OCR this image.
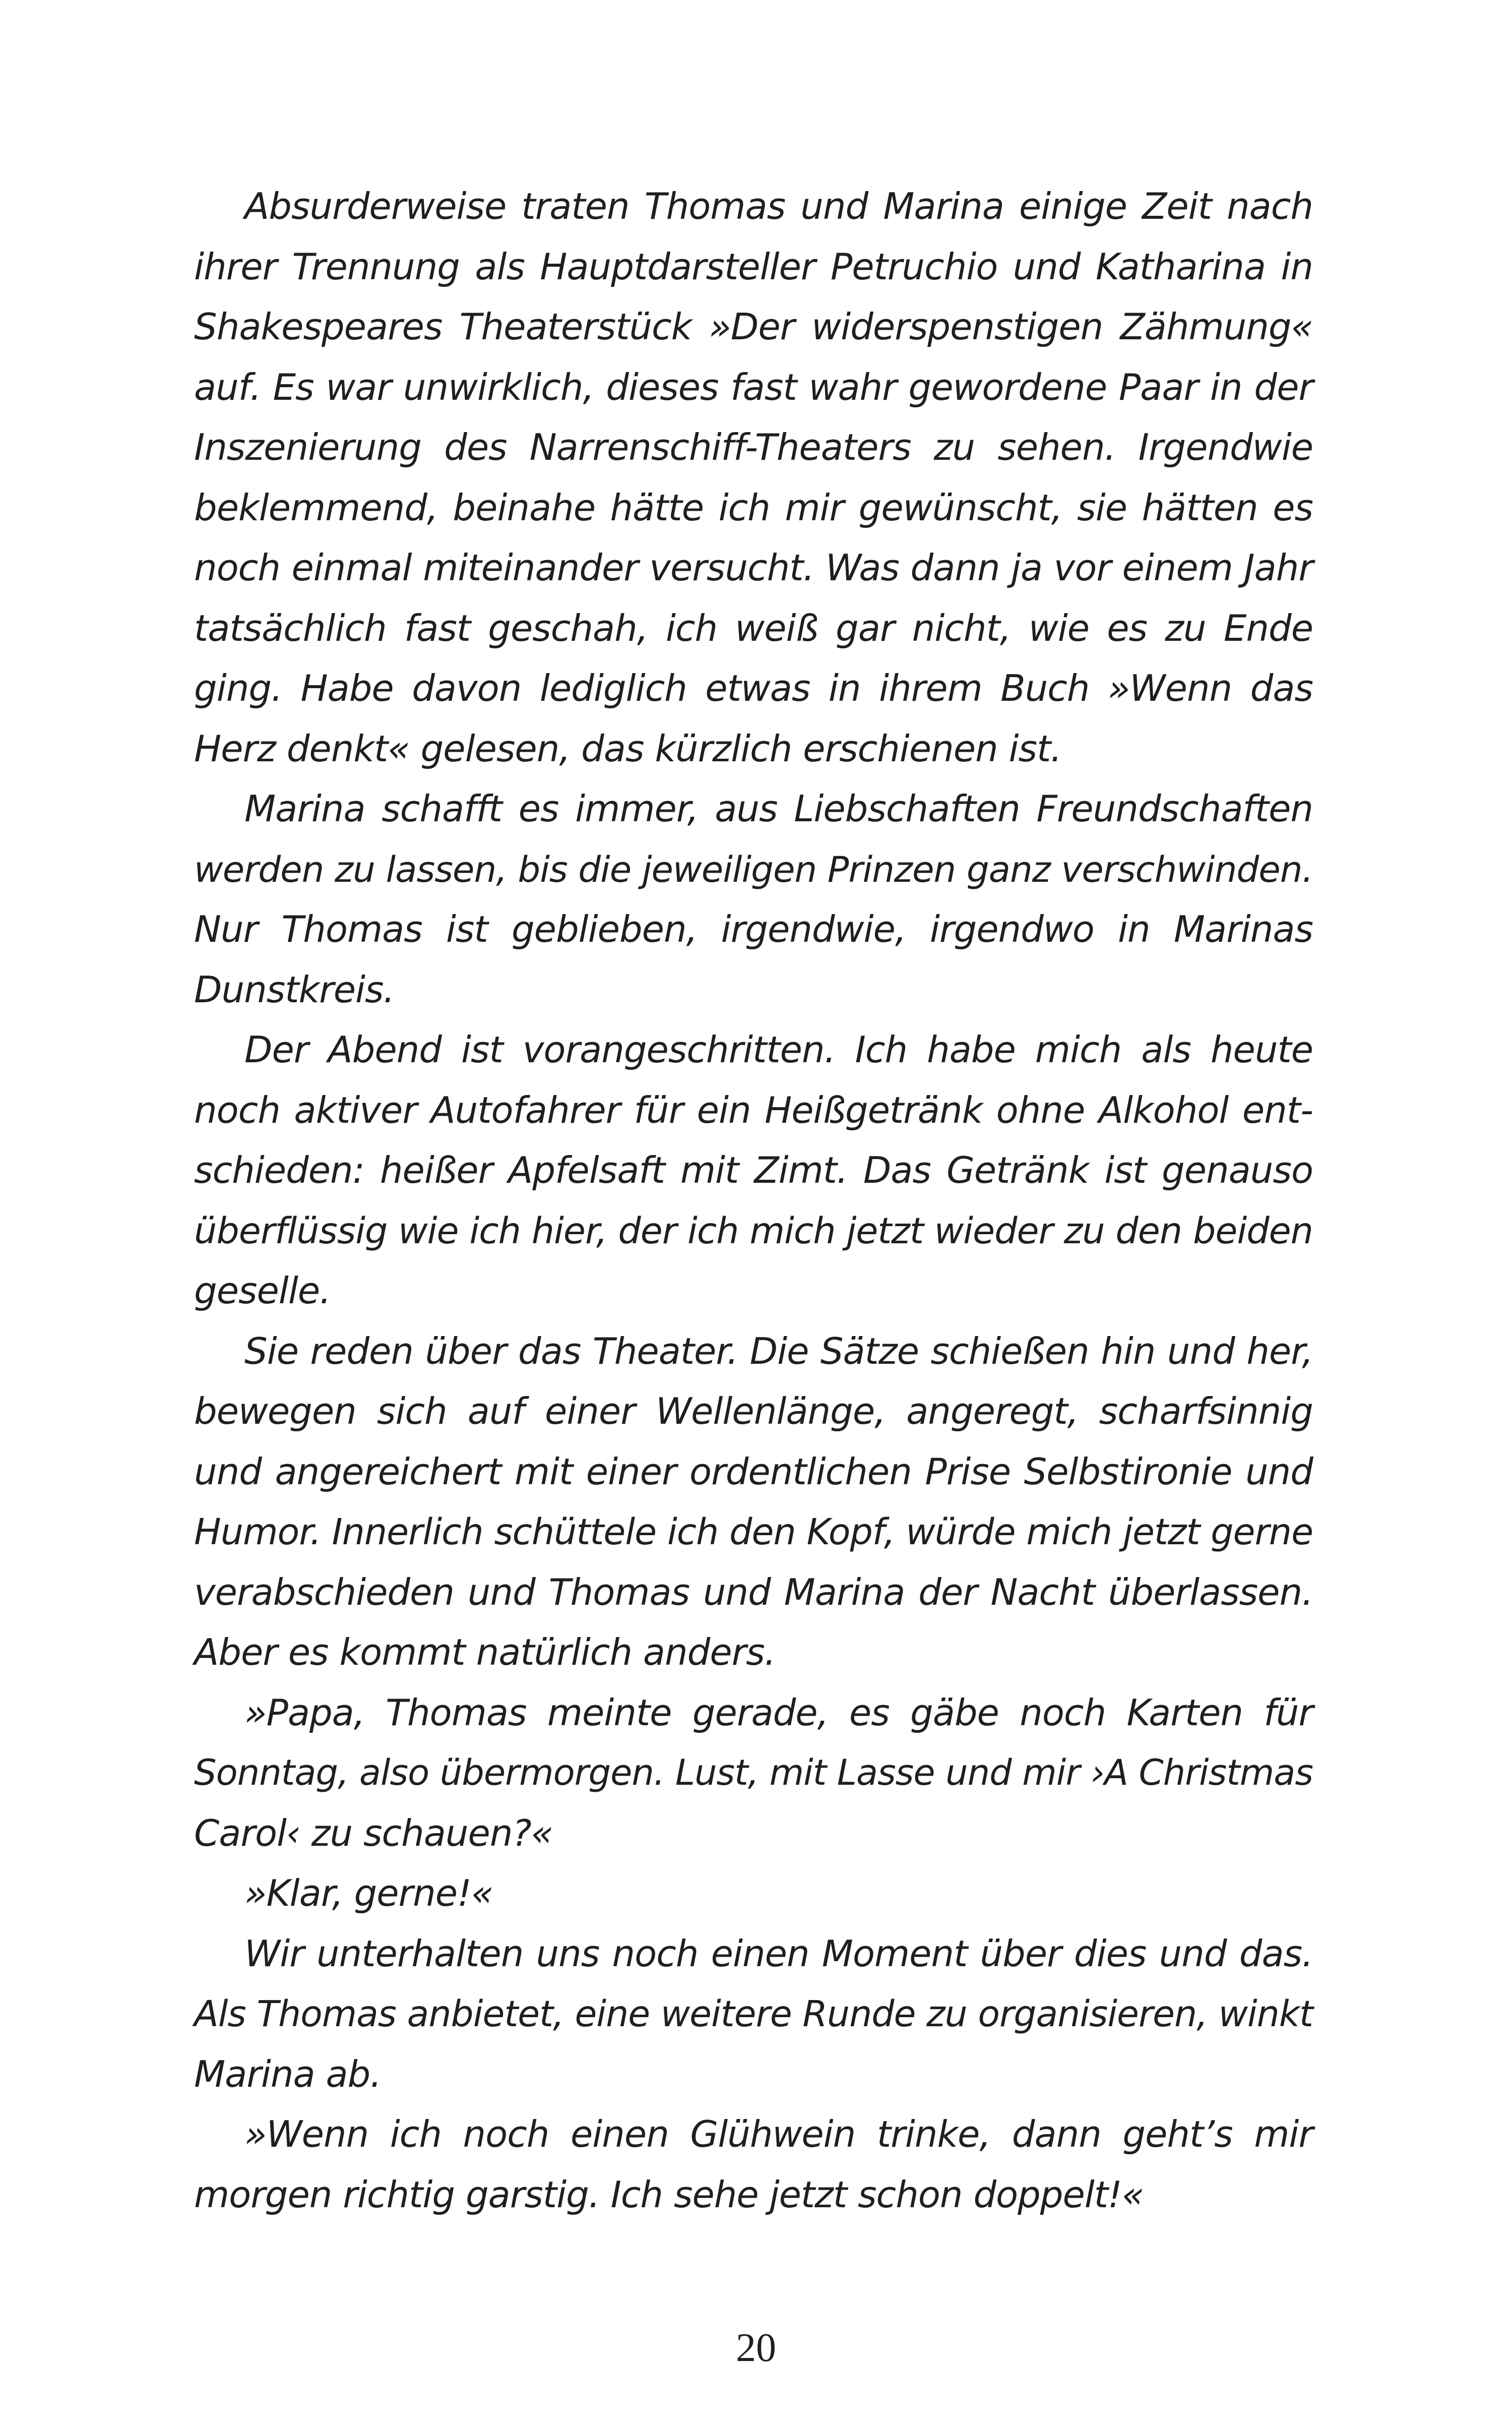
Absurderweise traten Thomas und Marina einige Zeit nach
ihrer Trennung als Hauptdarsteller Petruchio und Katharina in
Shakespeares Theaterstück »Der widerspenstigen Zähmung«
auf. Es war unwirklich, dieses fast wahr gewordene Paar in der
Inszenierung des Narrenschiff-Theaters zu sehen. Irgendwie
beklemmend, beinahe hätte ich mir gewünscht, sie hätten es
noch einmal miteinander versucht. Was dann ja vor einem Jahr
tatsächlich fast geschah, ich weiß gar nicht, wie es zu Ende
ging. Habe davon lediglich etwas in ihrem Buch »Wenn das
Herz denkt« gelesen, das kürzlich erschienen ist.
Marina schafft es immer, aus Liebschaften Freundschaften
werden zu lassen, bis die jeweiligen Prinzen ganz verschwinden.
Nur Thomas ist geblieben, irgendwie, irgendwo in Marinas
Dunstkreis.
Der Abend ist vorangeschritten. Ich habe mich als heute
noch aktiver Autofahrer für ein Heißgetränk ohne Alkohol ent-
schieden: heißer Apfelsaft mit Zimt. Das Getränk ist genauso
überflüssig wie ich hier, der ich mich jetzt wieder zu den beiden
geselle.
Sie reden über das Theater. Die Sätze schießen hin und her,
bewegen sich auf einer Wellenlänge, angeregt, scharfsinnig
und angereichert mit einer ordentlichen Prise Selbstironie und
Humor. Innerlich schüttele ich den Kopf, würde mich jetzt gerne
verabschieden und Thomas und Marina der Nacht überlassen.
Aber es kommt natürlich anders.
»Papa, Thomas meinte gerade, es gäbe noch Karten für
Sonntag, also übermorgen. Lust, mit Lasse und mir ›A Christmas
Carol‹ zu schauen?«
»Klar, gerne!«
Wir unterhalten uns noch einen Moment über dies und das.
Als Thomas anbietet, eine weitere Runde zu organisieren, winkt
Marina ab.
»Wenn ich noch einen Glühwein trinke, dann geht’s mir
morgen richtig garstig. Ich sehe jetzt schon doppelt!«
20
